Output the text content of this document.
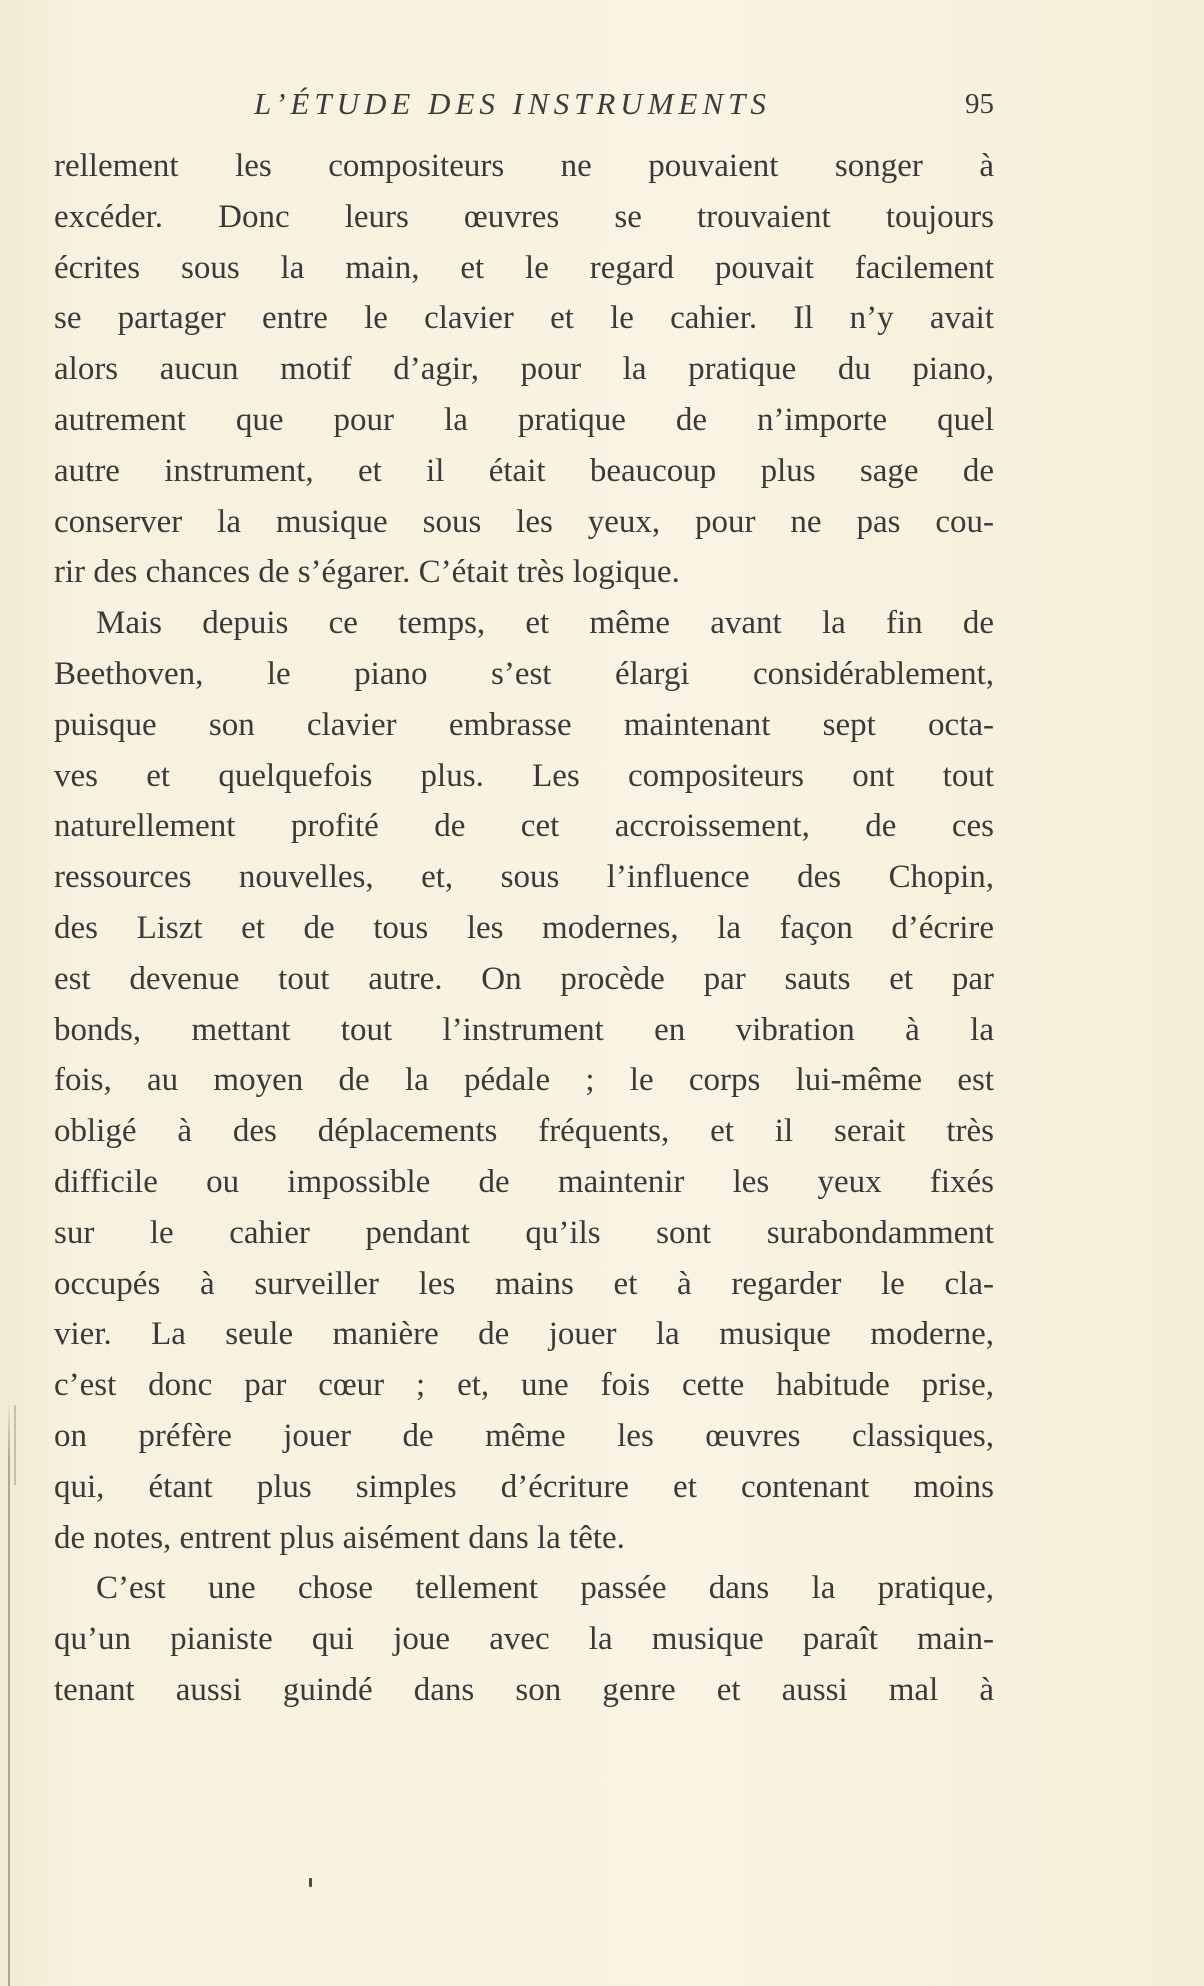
L’ÉTUDE DES INSTRUMENTS	95
rellement les compositeurs ne pouvaient songer à
excéder. Donc leurs œuvres se trouvaient toujours
écrites sous la main, et le regard pouvait facilement
se partager entre le clavier et le cahier. Il n’y avait
alors aucun motif d’agir, pour la pratique du piano,
autrement que pour la pratique de n’importe quel
autre instrument, et il était beaucoup plus sage de
conserver la musique sous les yeux, pour ne pas cou-
rir des chances de s’égarer. C’était très logique.
Mais depuis ce temps, et même avant la fin de
Beethoven, le piano s’est élargi considérablement,
puisque son clavier embrasse maintenant sept octa-
ves et quelquefois plus. Les compositeurs ont tout
naturellement profité de cet accroissement, de ces
ressources nouvelles, et, sous l’influence des Chopin,
des Liszt et de tous les modernes, la façon d’écrire
est devenue tout autre. On procède par sauts et par
bonds, mettant tout l’instrument en vibration à la
fois, au moyen de la pédale ; le corps lui-même est
obligé à des déplacements fréquents, et il serait très
difficile ou impossible de maintenir les yeux fixés
sur le cahier pendant qu’ils sont surabondamment
occupés à surveiller les mains et à regarder le cla-
vier. La seule manière de jouer la musique moderne,
c’est donc par cœur ; et, une fois cette habitude prise,
on préfère jouer de même les œuvres classiques,
qui, étant plus simples d’écriture et contenant moins
de notes, entrent plus aisément dans la tête.
C’est une chose tellement passée dans la pratique,
qu’un pianiste qui joue avec la musique paraît main-
tenant aussi guindé dans son genre et aussi mal à
